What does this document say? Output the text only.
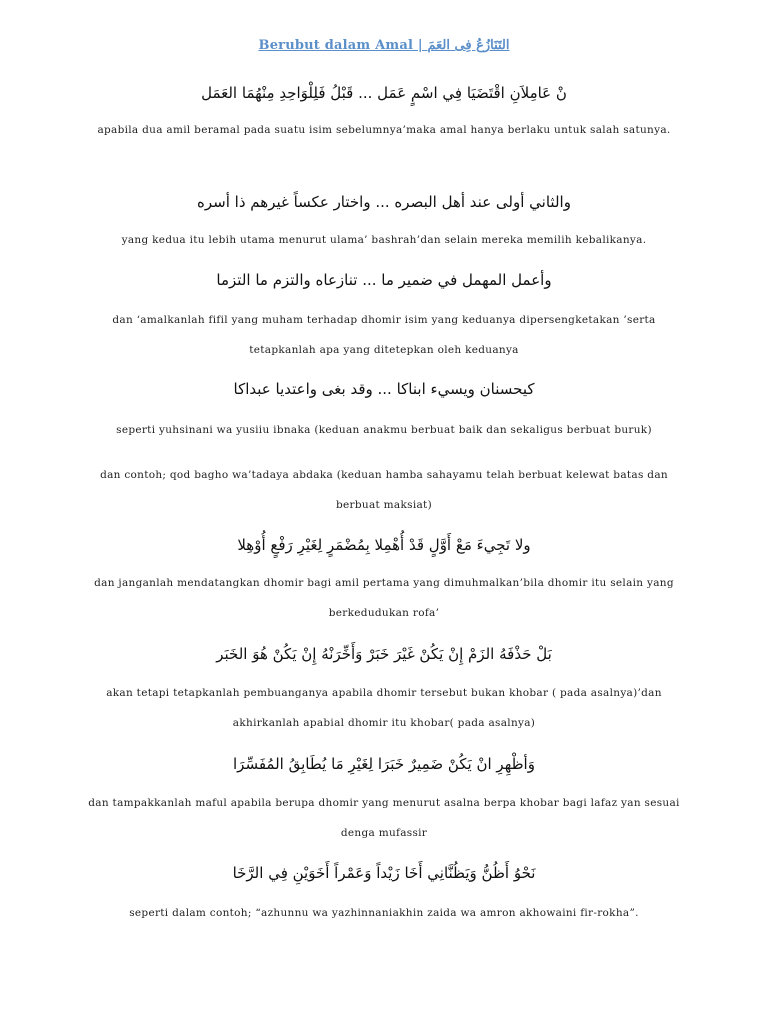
Berubut dalam Amal | التَنَازُعُ فِى العَمَ
نْ عَامِلاَنِ اقْتَضَيَا فِي اسْمٍ عَمَل ... قَبْلُ فَلِلْوَاحِدِ مِنْهُمَا العَمَل
apabila dua amil beramal pada suatu isim sebelumnya’maka amal hanya berlaku untuk salah satunya.
والثاني أولى عند أهل البصره ... واختار عكساً غيرهم ذا أسره
yang kedua itu lebih utama menurut ulama’ bashrah’dan selain mereka memilih kebalikanya.
وأعمل المهمل في ضمير ما ... تنازعاه والتزم ما التزما
dan ‘amalkanlah fifil yang muham terhadap dhomir isim yang keduanya dipersengketakan ’serta tetapkanlah apa yang ditetepkan oleh keduanya
كيحسنان ويسيء ابناكا ... وقد بغى واعتديا عبداكا
seperti yuhsinani wa yusiiu ibnaka (keduan anakmu berbuat baik dan sekaligus berbuat buruk)
dan contoh; qod bagho wa’tadaya abdaka (keduan hamba sahayamu telah berbuat kelewat batas dan berbuat maksiat)
ولا تَجِيءَ مَعْ أَوَّلٍ قَدْ أُهْمِلا بِمُضْمَرٍ لِغَيْرِ رَفْعٍ أُوْهِلا
dan janganlah mendatangkan dhomir bagi amil pertama yang dimuhmalkan’bila dhomir itu selain yang berkedudukan rofa’
بَلْ حَذْفَهُ الزَمْ إِنْ يَكُنْ غَيْرَ خَبَرْ وَأَخِّرَنْهُ إِنْ يَكُنْ هُوَ الخَبَر
akan tetapi tetapkanlah pembuanganya apabila dhomir tersebut bukan khobar ( pada asalnya)’dan akhirkanlah apabial dhomir itu khobar( pada asalnya)
وَأظْهِرِ انْ يَكُنْ ضَمِيرٌ خَبَرَا لِغَيْرِ مَا يُطَابِقُ المُفَسِّرَا
dan tampakkanlah maful apabila berupa dhomir yang menurut asalna berpa khobar bagi lafaz yan sesuai denga mufassir
نَحْوُ أَظُنُّ وَيَظُنَّانِي أَخَا زَيْداً وَعَمْراً أَخَوَيْنِ فِي الرَّخَا
seperti dalam contoh; “azhunnu wa yazhinnaniakhin zaida wa amron akhowaini fir-rokha”.
